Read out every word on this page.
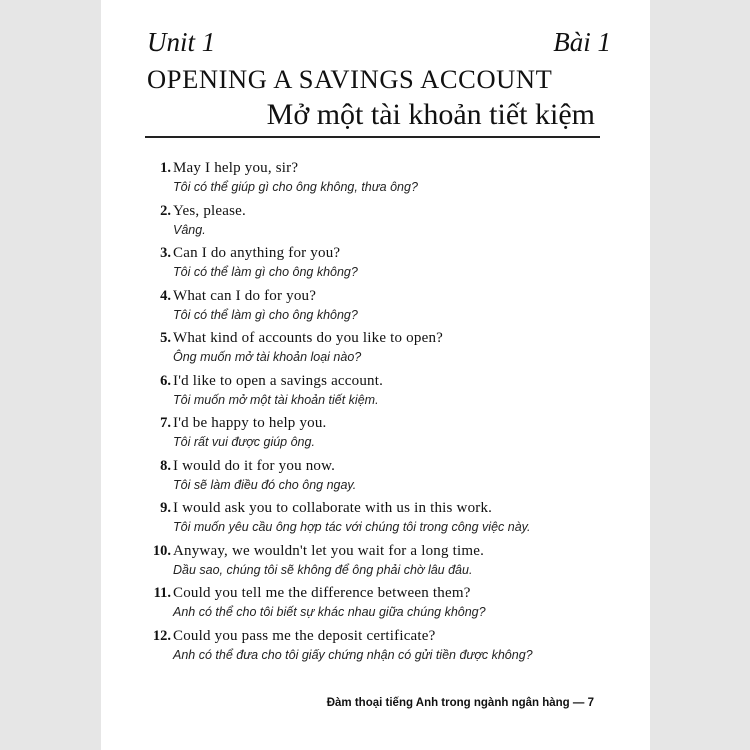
Unit 1	Bài 1
OPENING A SAVINGS ACCOUNT
Mở một tài khoản tiết kiệm
1. May I help you, sir?
Tôi có thể giúp gì cho ông không, thưa ông?
2. Yes, please.
Vâng.
3. Can I do anything for you?
Tôi có thể làm gì cho ông không?
4. What can I do for you?
Tôi có thể làm gì cho ông không?
5. What kind of accounts do you like to open?
Ông muốn mở tài khoản loại nào?
6. I'd like to open a savings account.
Tôi muốn mở một tài khoản tiết kiệm.
7. I'd be happy to help you.
Tôi rất vui được giúp ông.
8. I would do it for you now.
Tôi sẽ làm điều đó cho ông ngay.
9. I would ask you to collaborate with us in this work.
Tôi muốn yêu cầu ông hợp tác với chúng tôi trong công việc này.
10. Anyway, we wouldn't let you wait for a long time.
Dầu sao, chúng tôi sẽ không để ông phải chờ lâu đâu.
11. Could you tell me the difference between them?
Anh có thể cho tôi biết sự khác nhau giữa chúng không?
12. Could you pass me the deposit certificate?
Anh có thể đưa cho tôi giấy chứng nhận có gửi tiền được không?
Đàm thoại tiếng Anh trong ngành ngân hàng — 7
